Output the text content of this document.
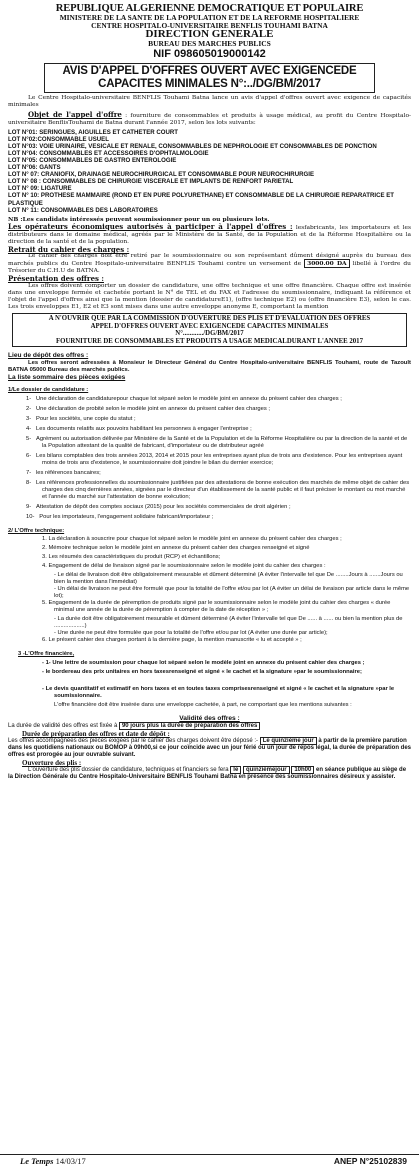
REPUBLIQUE ALGERIENNE DEMOCRATIQUE ET POPULAIRE
MINISTERE DE LA SANTE DE LA POPULATION ET DE LA REFORME HOSPITALIERE
CENTRE HOSPITALO-UNIVERSITAIRE BENFLIS TOUHAMI BATNA
DIRECTION GENERALE
BUREAU DES MARCHES PUBLICS
NIF 098605019000142
AVIS D'APPEL D'OFFRES OUVERT AVEC EXIGENCEDE
CAPACITES MINIMALES N°:../DG/BM/2017
Le Centre Hospitalo-universitaire BENFLIS Touhami Batna lance un avis d'appel d'offres ouvert avec exigence de capacités minimales
Objet de l'appel d'offre : fourniture de consommables et produits à usage médical, au profit du Centre Hospitalo-universitaire BenflisTouhami de Batna durant l'année 2017, selon les lots suivants:
LOT N°01: SERINGUES, AIGUILLES ET CATHETER COURT
LOT N°02:CONSOMMABLE USUEL
LOT N°03: VOIE URINAIRE, VESICALE ET RENALE, CONSOMMABLES DE NEPHROLOGIE ET CONSOMMABLES DE PONCTION
LOT N°04: CONSOMMABLES ET ACCESSOIRES D'OPHTALMOLOGIE
LOT N°05: CONSOMMABLES DE GASTRO ENTEROLOGIE
LOT N°06: GANTS
LOT N° 07: CRANIOFIX, DRAINAGE NEUROCHIRURGICAL ET CONSOMMABLE POUR NEUROCHIRURGIE
LOT N° 08 : CONSOMMABLES DE CHIRURGIE VISCERALE ET IMPLANTS DE RENFORT PARIETAL
LOT N° 09: LIGATURE
LOT N° 10: PROTHESE MAMMAIRE (ROND ET EN PURE POLYURETHANE) ET CONSOMMABLE DE LA CHIRURGIE REPARATRICE ET PLASTIQUE
LOT N° 11: CONSOMMABLES DES LABORATOIRES
NB :Les candidats intéressés peuvent soumissionner pour un ou plusieurs lots.
Les opérateurs économiques autorisés à participer à l'appel d'offres : lesfabricants, les importateurs et les distributeurs dans le domaine médical, agréés par le Ministère de la Santé, de la Population et de la Réforme Hospitalière ou la direction de la santé et de la population.
Retrait du cahier des charges :
Le cahier des charges doit être retiré par le soumissionnaire ou son représentant dûment désigné auprès du bureau des marchés publics du Centre Hospitalo-universitaire BENFLIS Touhami contre un versement de 3000.00 DA libellé à l'ordre du Trésorier du C.H.U de BATNA.
Présentation des offres :
Les offres doivent comporter un dossier de candidature, une offre technique et une offre financière. Chaque offre est insérée dans une enveloppe fermée et cachetée portant le N° de TEL et du FAX et l'adresse du soumissionnaire, indiquant la référence et l'objet de l'appel d'offres ainsi que la mention (dossier de candidatureE1), (offre technique E2) ou (offre financière E3), selon le cas. Les trois enveloppes E1, E2 et E3 sont mises dans une autre enveloppe anonyme E, comportant la mention
A N'OUVRIR QUE PAR LA COMMISSION D'OUVERTURE DES PLIS ET D'EVALUATION DES OFFRES
APPEL D'OFFRES OUVERT AVEC EXIGENCEDE CAPACITES MINIMALES
N°............/DG/BM/2017
FOURNITURE DE CONSOMMABLES ET PRODUITS A USAGE MEDICALDURANT L'ANNEE 2017
Lieu de dépôt des offres :
Les offres seront adressées à Monsieur le Directeur Général du Centre Hospitalo-universitaire BENFLIS Touhami, route de Tazoult BATNA 05000 Bureau des marchés publics.
La liste sommaire des pièces exigées
1/Le dossier de candidature :
1- Une déclaration de candidaturepour chaque lot séparé selon le modèle joint en annexe du présent cahier des charges ;
2- Une déclaration de probité selon le modèle joint en annexe du présent cahier des charges ;
3- Pour les sociétés, une copie du statut ;
4- Les documents relatifs aux pouvoirs habilitant les personnes à engager l'entreprise ;
5- Agrément ou autorisation délivrée par Ministère de la Santé et de la Population et de la Réforme Hospitalière ou par la direction de la santé et de la Population attestant de la qualité de fabricant, d'importateur ou de distributeur agréé
6- Les bilans comptables des trois années 2013, 2014 et 2015 pour les entreprises ayant plus de trois ans d'existence. Pour les entreprises ayant moins de trois ans d'existence, le soumissionnaire doit joindre le bilan du dernier exercice;
7- les références bancaires;
8- Les références professionnelles du soumissionnaire justifiées par des attestations de bonne exécution des marchés de même objet de cahier des charges des cinq dernières années, signées par le directeur d'un établissement de la santé public et il faut préciser le montant ou mot marché et l'année du marché sur l'attestation de bonne exécution;
9- Attestation de dépôt des comptes sociaux (2015) pour les sociétés commerciales de droit algérien ;
10- Pour les importateurs, l'engagement solidaire fabricant/importateur ;
2/ L'Offre technique:
1. La déclaration à souscrire pour chaque lot séparé selon le modèle joint en annexe du présent cahier des charges ;
2. Mémoire technique selon le modèle joint en annexe du présent cahier des charges renseigné et signé
3. Les résumés des caractéristiques du produit (RCP) et échantillons;
4. Engagement de délai de livraison signé par le soumissionnaire selon le modèle joint du cahier des charges :
- Le délai de livraison doit être obligatoirement mesurable et dûment déterminé (A éviter l'intervalle tel que De ........Jours à .......Jours ou bien la mention dans l'immédiat)
- Un délai de livraison ne peut être formulé que pour la totalité de l'offre et/ou par lot (A éviter un délai de livraison par article dans le même lot);
5. Engagement de la durée de péremption de produits signé par le soumissionnaire selon le modèle joint du cahier des charges « durée minimal une année de la durée de péremption à compter de la date de réception » ;
- La durée doit être obligatoirement mesurable et dûment déterminé (A éviter l'intervalle tel que De ...... à ...... ou bien la mention plus de ...................)
- Une durée ne peut être formulée que pour la totalité de l'offre et/ou par lot (A éviter une durée par article);
6. Le présent cahier des charges portant à la dernière page, la mention manuscrite « lu et accepté » ;
3 -L'Offre financière,
- 1- Une lettre de soumission pour chaque lot séparé selon le modèle joint en annexe du présent cahier des charges ;
- le bordereau des prix unitaires en hors taxesrenseigné et signé « le cachet et la signature »par le soumissionnaire;
- Le devis quantitatif et estimatif en hors taxes et en toutes taxes comprisesrenseigné et signé « le cachet et la signature »par le soumissionnaire.
L'offre financière doit être insérée dans une enveloppe cachetée, à part, ne comportant que les mentions suivantes :
Validité des offres :
La durée de validité des offres est fixée à 90 jours plus la durée de préparation des offres
Durée de préparation des offres et date de dépôt :
Les offres accompagnées des pièces exigées par le cahier des charges doivent être déposé :- Le quinzième jour à partir de la première parution dans les quotidiens nationaux ou BOMOP à 09h00,si ce jour coïncide avec un jour férié ou un jour de repos légal, la durée de préparation des offres est prorogée au jour ouvrable suivant.
Ouverture des plis :
L'ouverture des plis dossier de candidature, techniques et financiers se fera le quinzièmejour 10h00 en séance publique au siège de la Direction Générale du Centre Hospitalo-Universitaire BENFLIS Touhami Batna en présence des soumissionnaires désireux y assister.
Le Temps 14/03/17	ANEP N°25102839
